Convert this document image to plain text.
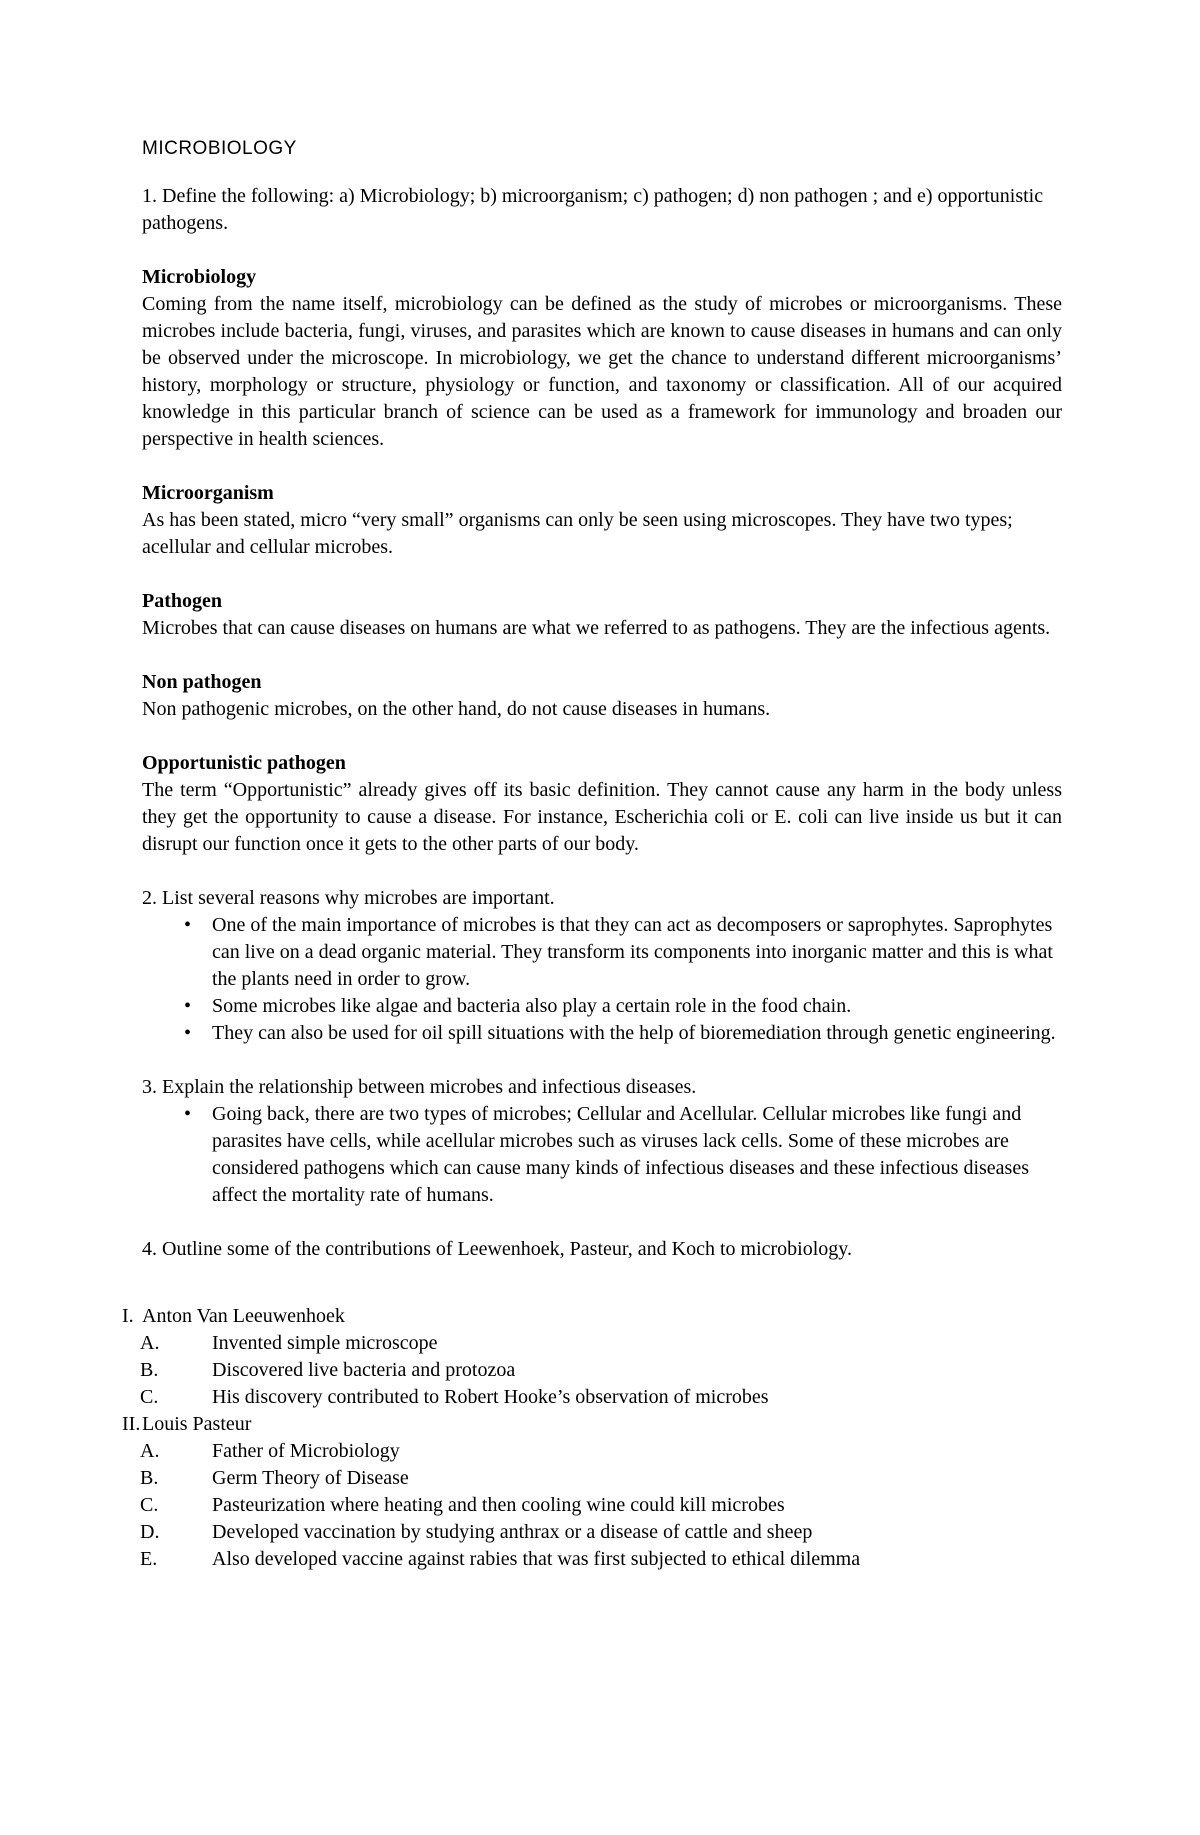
MICROBIOLOGY

1. Define the following: a) Microbiology; b) microorganism; c) pathogen; d) non pathogen ; and e) opportunistic pathogens.

Microbiology

Coming from the name itself, microbiology can be defined as the study of microbes or microorganisms. These microbes include bacteria, fungi, viruses, and parasites which are known to cause diseases in humans and can only be observed under the microscope. In microbiology, we get the chance to understand different microorganisms’ history, morphology or structure, physiology or function, and taxonomy or classification. All of our acquired knowledge in this particular branch of science can be used as a framework for immunology and broaden our perspective in health sciences.

Microorganism

As has been stated, micro “very small” organisms can only be seen using microscopes. They have two types; acellular and cellular microbes.

Pathogen

Microbes that can cause diseases on humans are what we referred to as pathogens. They are the infectious agents.

Non pathogen

Non pathogenic microbes, on the other hand, do not cause diseases in humans.

Opportunistic pathogen

The term “Opportunistic” already gives off its basic definition. They cannot cause any harm in the body unless they get the opportunity to cause a disease. For instance, Escherichia coli or E. coli can live inside us but it can disrupt our function once it gets to the other parts of our body.

2. List several reasons why microbes are important.

• One of the main importance of microbes is that they can act as decomposers or saprophytes. Saprophytes can live on a dead organic material. They transform its components into inorganic matter and this is what the plants need in order to grow.
• Some microbes like algae and bacteria also play a certain role in the food chain.
• They can also be used for oil spill situations with the help of bioremediation through genetic engineering.

3. Explain the relationship between microbes and infectious diseases.

• Going back, there are two types of microbes; Cellular and Acellular. Cellular microbes like fungi and parasites have cells, while acellular microbes such as viruses lack cells. Some of these microbes are considered pathogens which can cause many kinds of infectious diseases and these infectious diseases affect the mortality rate of humans.

4. Outline some of the contributions of Leewenhoek, Pasteur, and Koch to microbiology.

I. Anton Van Leeuwenhoek
A.	Invented simple microscope
B.	Discovered live bacteria and protozoa
C.	His discovery contributed to Robert Hooke’s observation of microbes
II.Louis Pasteur
A.	Father of Microbiology
B.	Germ Theory of Disease
C.	Pasteurization where heating and then cooling wine could kill microbes
D.	Developed vaccination by studying anthrax or a disease of cattle and sheep
E.	Also developed vaccine against rabies that was first subjected to ethical dilemma
